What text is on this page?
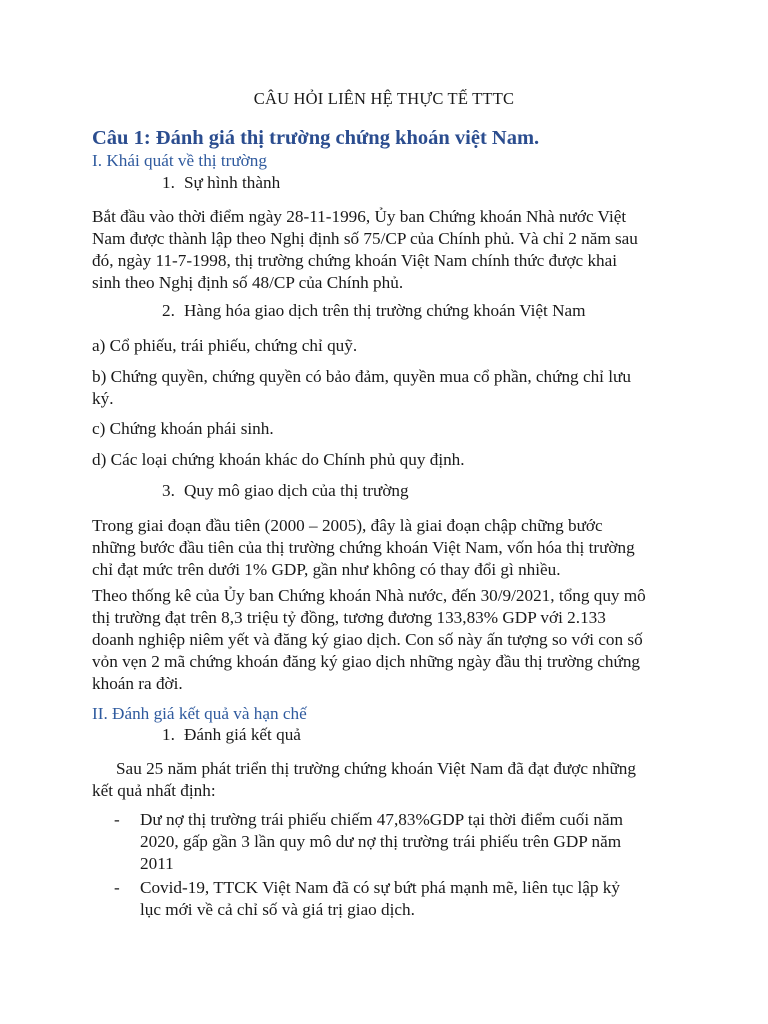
CÂU HỎI LIÊN HỆ THỰC TẾ TTTC

Câu 1: Đánh giá thị trường chứng khoán việt Nam.

I. Khái quát về thị trường

1. Sự hình thành

Bắt đầu vào thời điểm ngày 28-11-1996, Ủy ban Chứng khoán Nhà nước Việt
Nam được thành lập theo Nghị định số 75/CP của Chính phủ. Và chỉ 2 năm sau
đó, ngày 11-7-1998, thị trường chứng khoán Việt Nam chính thức được khai
sinh theo Nghị định số 48/CP của Chính phủ.

2. Hàng hóa giao dịch trên thị trường chứng khoán Việt Nam

a) Cổ phiếu, trái phiếu, chứng chỉ quỹ.

b) Chứng quyền, chứng quyền có bảo đảm, quyền mua cổ phần, chứng chỉ lưu
ký.

c) Chứng khoán phái sinh.

d) Các loại chứng khoán khác do Chính phủ quy định.

3. Quy mô giao dịch của thị trường

Trong giai đoạn đầu tiên (2000 – 2005), đây là giai đoạn chập chững bước
những bước đầu tiên của thị trường chứng khoán Việt Nam, vốn hóa thị trường
chỉ đạt mức trên dưới 1% GDP, gần như không có thay đổi gì nhiều.
Theo thống kê của Ủy ban Chứng khoán Nhà nước, đến 30/9/2021, tổng quy mô
thị trường đạt trên 8,3 triệu tỷ đồng, tương đương 133,83% GDP với 2.133
doanh nghiệp niêm yết và đăng ký giao dịch. Con số này ấn tượng so với con số
vỏn vẹn 2 mã chứng khoán đăng ký giao dịch những ngày đầu thị trường chứng
khoán ra đời.

II. Đánh giá kết quả và hạn chế

1. Đánh giá kết quả

Sau 25 năm phát triển thị trường chứng khoán Việt Nam đã đạt được những
kết quả nhất định:
- Dư nợ thị trường trái phiếu chiếm 47,83%GDP tại thời điểm cuối năm
2020, gấp gần 3 lần quy mô dư nợ thị trường trái phiếu trên GDP năm
2011
- Covid-19, TTCK Việt Nam đã có sự bứt phá mạnh mẽ, liên tục lập kỷ
lục mới về cả chỉ số và giá trị giao dịch.
